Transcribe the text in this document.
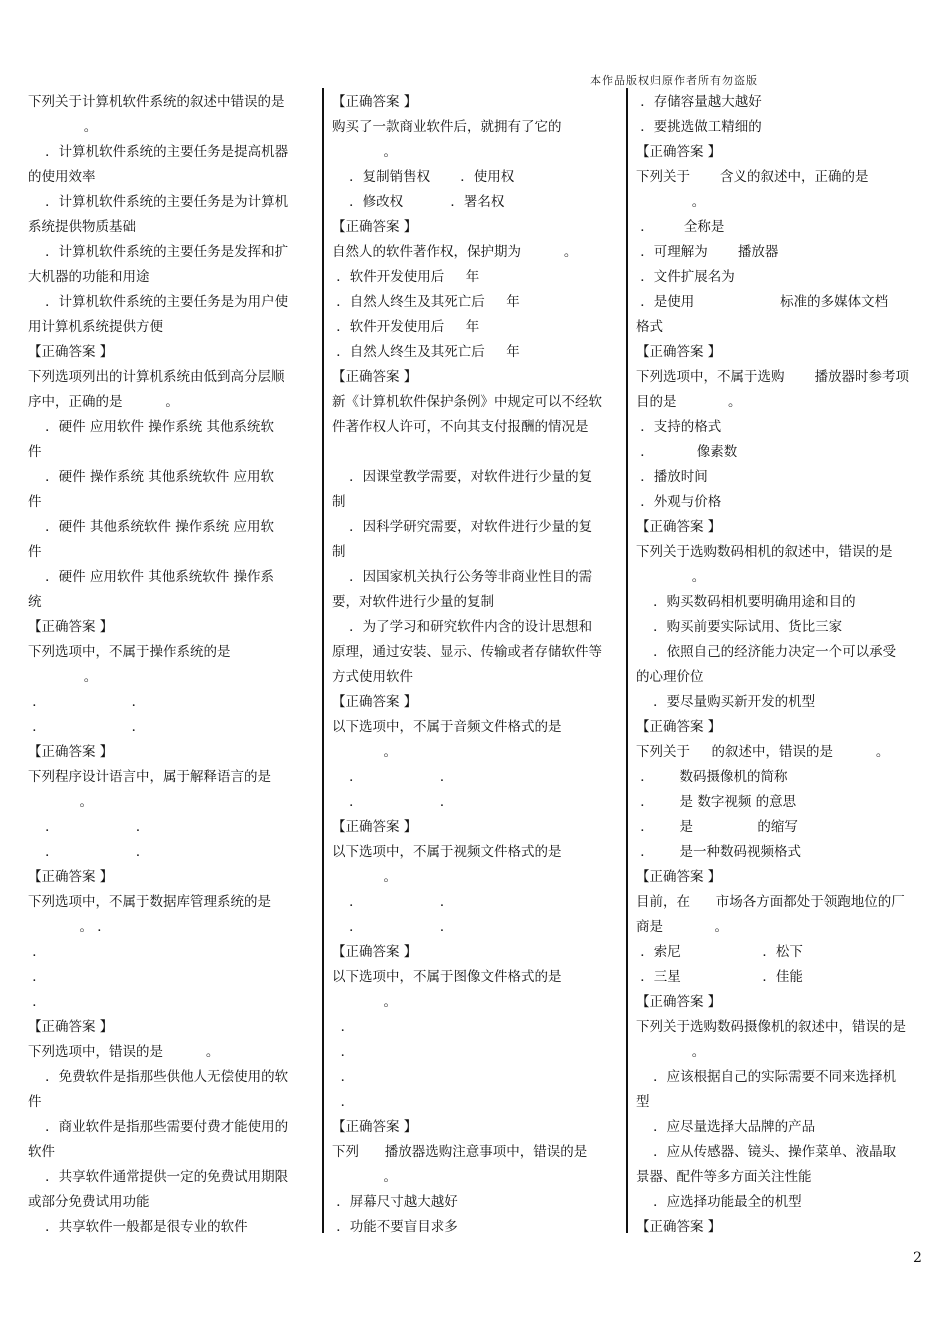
本作品版权归原作者所有勿盗版
下列关于计算机软件系统的叙述中错误的是
。
．计算机软件系统的主要任务是提高机器
的使用效率
．计算机软件系统的主要任务是为计算机
系统提供物质基础
．计算机软件系统的主要任务是发挥和扩
大机器的功能和用途
．计算机软件系统的主要任务是为用户使
用计算机系统提供方便
【正确答案 】
下列选项列出的计算机系统由低到高分层顺
序中，正确的是          。
．硬件 应用软件 操作系统 其他系统软
件
．硬件 操作系统 其他系统软件 应用软
件
．硬件 其他系统软件 操作系统 应用软
件
．硬件 应用软件 其他系统软件 操作系
统
【正确答案 】
下列选项中，不属于操作系统的是
。
．                    ．
．                    ．
【正确答案 】
下列程序设计语言中，属于解释语言的是
。
．                  ．
．                  ．
【正确答案 】
下列选项中，不属于数据库管理系统的是
。 ．
．
．
．
【正确答案 】
下列选项中，错误的是          。
．免费软件是指那些供他人无偿使用的软
件
．商业软件是指那些需要付费才能使用的
软件
．共享软件通常提供一定的免费试用期限
或部分免费试用功能
．共享软件一般都是很专业的软件
【正确答案 】
购买了一款商业软件后，就拥有了它的
。
．复制销售权       ．使用权
．修改权           ．署名权
【正确答案 】
自然人的软件著作权，保护期为          。
．软件开发使用后     年
．自然人终生及其死亡后     年
．软件开发使用后     年
．自然人终生及其死亡后     年
【正确答案 】
新《计算机软件保护条例》中规定可以不经软
件著作权人许可，不向其支付报酬的情况是
．因课堂教学需要，对软件进行少量的复
制
．因科学研究需要，对软件进行少量的复
制
．因国家机关执行公务等非商业性目的需
要，对软件进行少量的复制
．为了学习和研究软件内含的设计思想和
原理，通过安装、显示、传输或者存储软件等
方式使用软件
【正确答案 】
以下选项中，不属于音频文件格式的是
。
．                  ．
．                  ．
【正确答案 】
以下选项中，不属于视频文件格式的是
。
．                  ．
．                  ．
【正确答案 】
以下选项中，不属于图像文件格式的是
。
．
．
．
．
【正确答案 】
下列      播放器选购注意事项中，错误的是
。
．屏幕尺寸越大越好
．功能不要盲目求多
．存储容量越大越好
．要挑选做工精细的
【正确答案 】
下列关于       含义的叙述中，正确的是
。
．       全称是
．可理解为       播放器
．文件扩展名为
．是使用                    标准的多媒体文档
格式
【正确答案 】
下列选项中，不属于选购       播放器时参考项
目的是            。
．支持的格式
．          像素数
．播放时间
．外观与价格
【正确答案 】
下列关于选购数码相机的叙述中，错误的是
。
．购买数码相机要明确用途和目的
．购买前要实际试用、货比三家
．依照自己的经济能力决定一个可以承受
的心理价位
．要尽量购买新开发的机型
【正确答案 】
下列关于     的叙述中，错误的是          。
．      数码摄像机的简称
．      是 数字视频 的意思
．      是               的缩写
．      是一种数码视频格式
【正确答案 】
目前，在      市场各方面都处于领跑地位的厂
商是            。
．索尼                   ．松下
．三星                   ．佳能
【正确答案 】
下列关于选购数码摄像机的叙述中，错误的是
。
．应该根据自己的实际需要不同来选择机
型
．应尽量选择大品牌的产品
．应从传感器、镜头、操作菜单、液晶取
景器、配件等多方面关注性能
．应选择功能最全的机型
【正确答案 】
2
